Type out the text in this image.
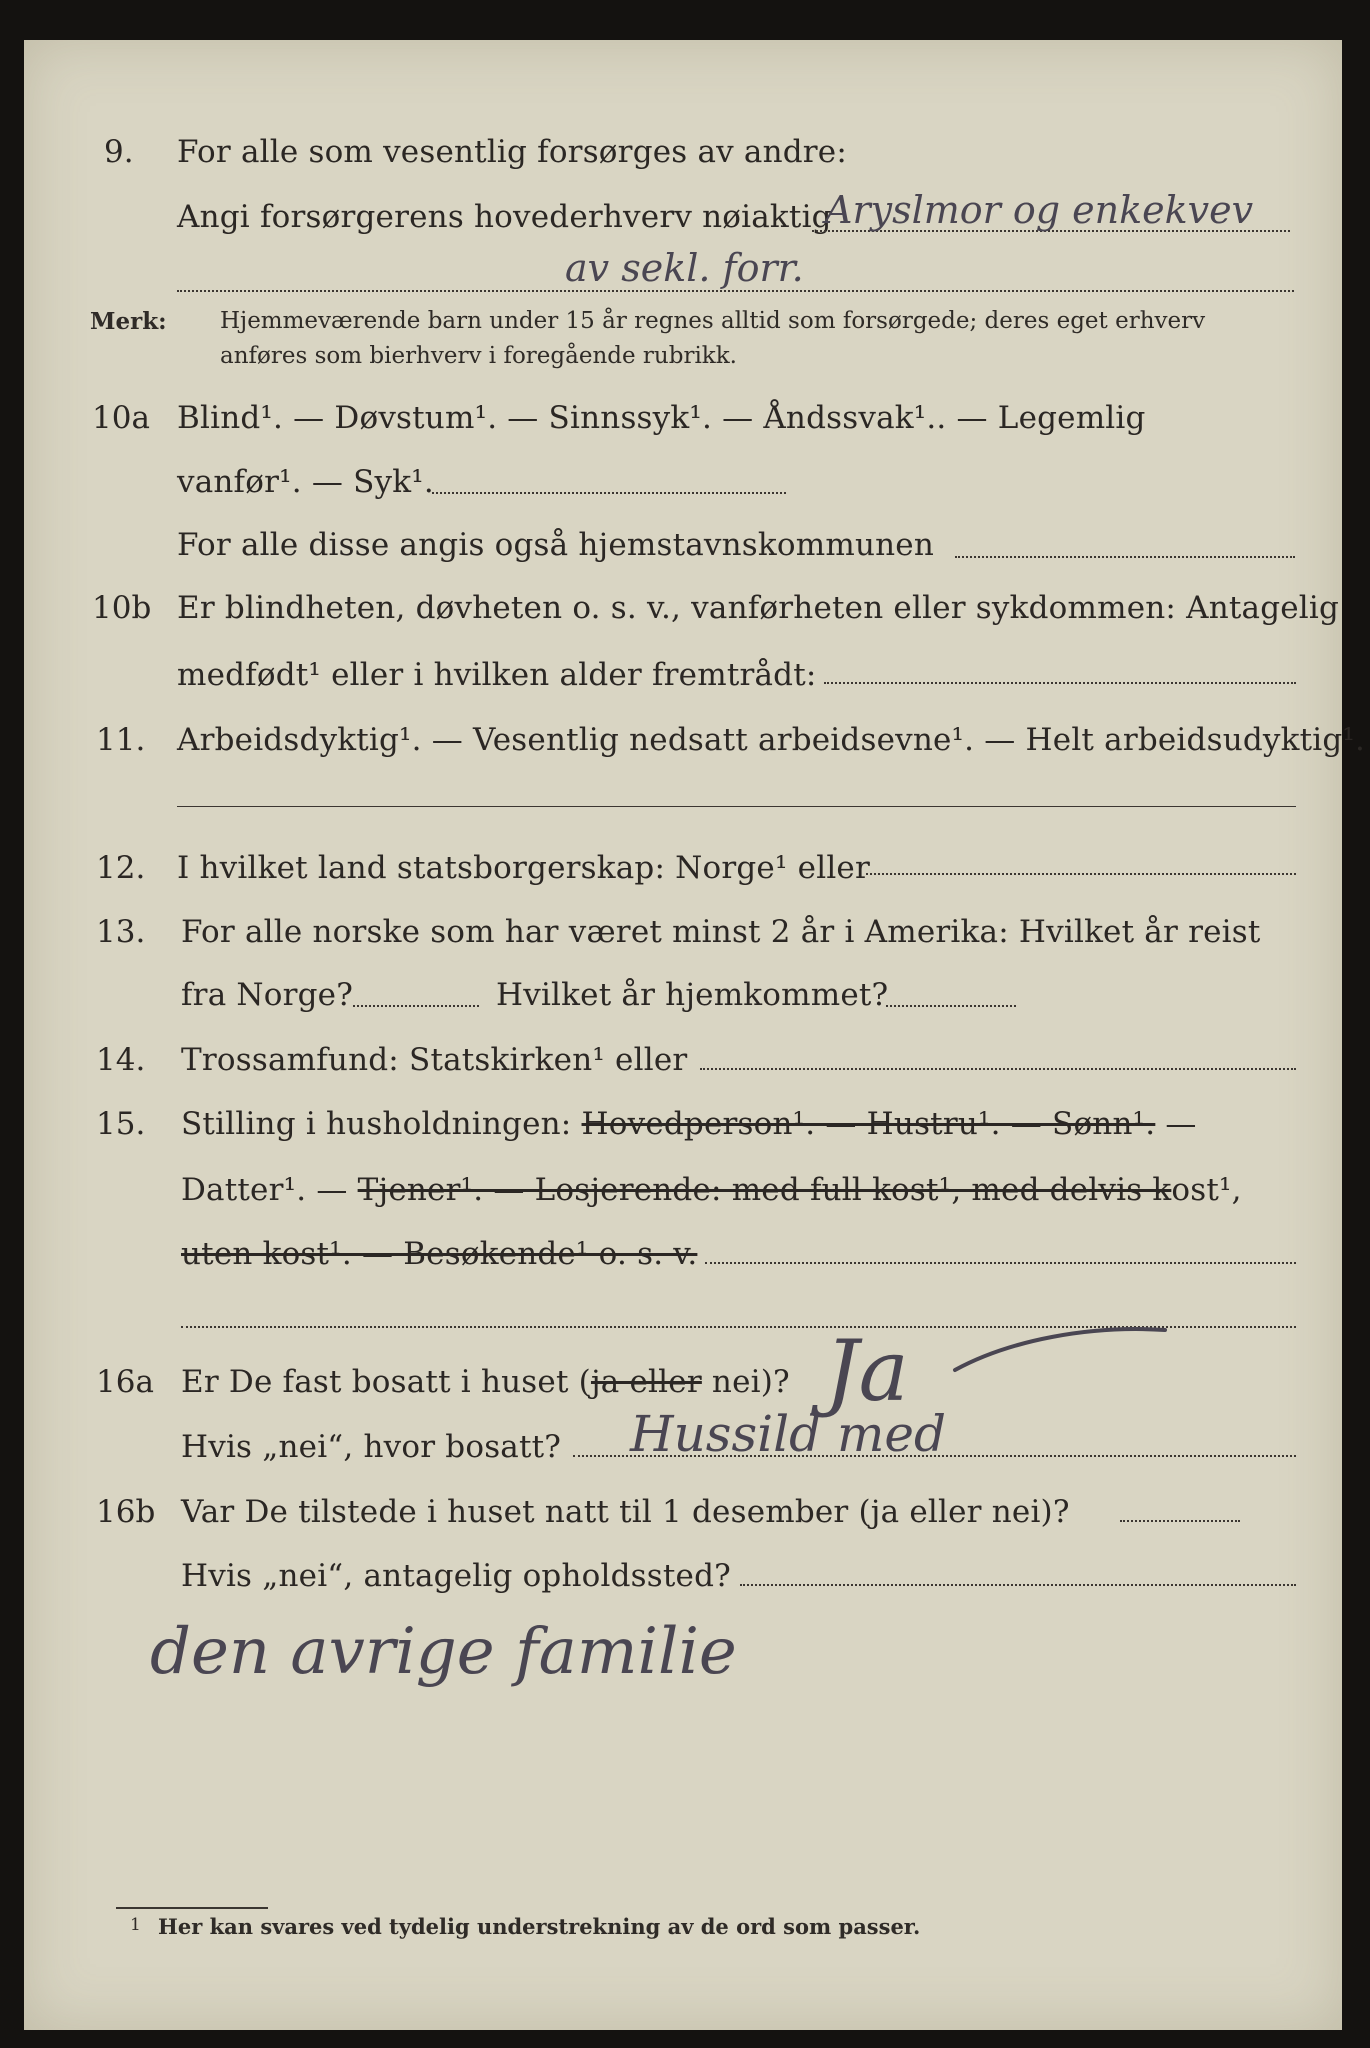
9. For alle som vesentlig forsørges av andre:
Angi forsørgerens hovederhverv nøiaktig
Aryslmor og enkekvev
av sekl. forr.
Merk: Hjemmeværende barn under 15 år regnes alltid som forsørgede; deres eget erhverv
anføres som bierhverv i foregående rubrikk.
10a Blind¹. — Døvstum¹. — Sinnssyk¹. — Åndssvak¹.. — Legemlig
vanfør¹. — Syk¹.
For alle disse angis også hjemstavnskommunen
10b Er blindheten, døvheten o. s. v., vanførheten eller sykdommen: Antagelig
medfødt¹ eller i hvilken alder fremtrådt:
11. Arbeidsdyktig¹. — Vesentlig nedsatt arbeidsevne¹. — Helt arbeidsudyktig¹.
12. I hvilket land statsborgerskap: Norge¹ eller
13. For alle norske som har været minst 2 år i Amerika: Hvilket år reist
fra Norge?	Hvilket år hjemkommet?
14. Trossamfund: Statskirken¹ eller
15. Stilling i husholdningen: Hovedperson¹. — Hustru¹. — Sønn¹. —
Datter¹. — Tjener¹. — Losjerende: med full kost¹, med delvis kost¹,
uten kost¹. — Besøkende¹ o. s. v.
16a Er De fast bosatt i huset (ja eller nei)? Ja
Hvis „nei“, hvor bosatt? Hussild med
16b Var De tilstede i huset natt til 1 desember (ja eller nei)?
Hvis „nei“, antagelig opholdssted?
den avrige familie
1 Her kan svares ved tydelig understrekning av de ord som passer.
